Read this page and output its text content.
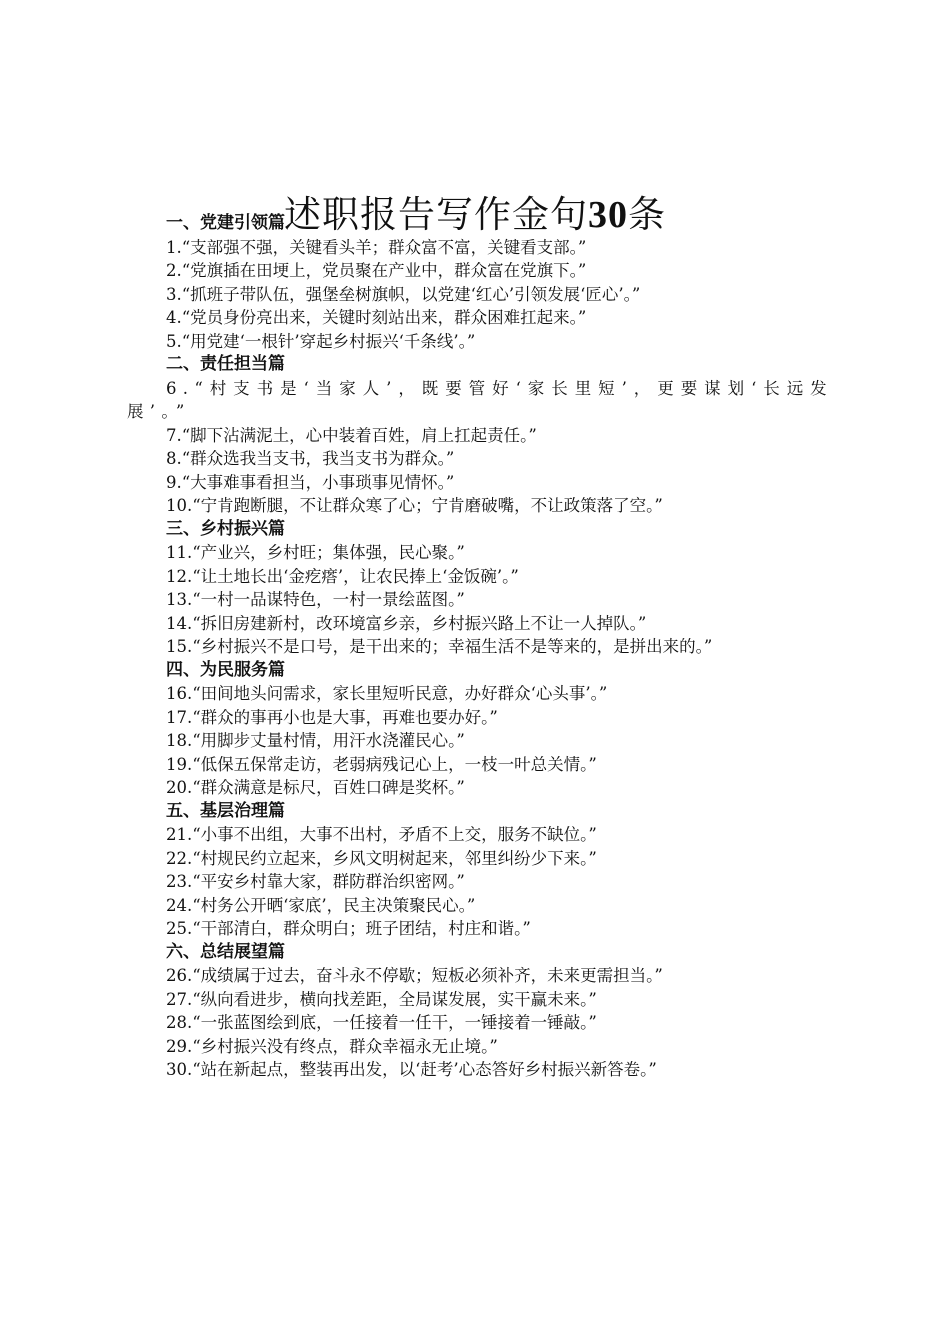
述职报告写作金句30条
一、党建引领篇

1.“支部强不强，关键看头羊；群众富不富，关键看支部。”

2.“党旗插在田埂上，党员聚在产业中，群众富在党旗下。”

3.“抓班子带队伍，强堡垒树旗帜，以党建‘红心’引领发展‘匠心’。”

4.“党员身份亮出来，关键时刻站出来，群众困难扛起来。”

5.“用党建‘一根针’穿起乡村振兴‘千条线’。”

二、责任担当篇

6.“村支书是‘当家人’，既要管好‘家长里短’，更要谋划‘长远发展’。”

7.“脚下沾满泥土，心中装着百姓，肩上扛起责任。”

8.“群众选我当支书，我当支书为群众。”

9.“大事难事看担当，小事琐事见情怀。”

10.“宁肯跑断腿，不让群众寒了心；宁肯磨破嘴，不让政策落了空。”

三、乡村振兴篇

11.“产业兴，乡村旺；集体强，民心聚。”

12.“让土地长出‘金疙瘩’，让农民捧上‘金饭碗’。”

13.“一村一品谋特色，一村一景绘蓝图。”

14.“拆旧房建新村，改环境富乡亲，乡村振兴路上不让一人掉队。”

15.“乡村振兴不是口号，是干出来的；幸福生活不是等来的，是拼出来的。”

四、为民服务篇

16.“田间地头问需求，家长里短听民意，办好群众‘心头事’。”

17.“群众的事再小也是大事，再难也要办好。”

18.“用脚步丈量村情，用汗水浇灌民心。”

19.“低保五保常走访，老弱病残记心上，一枝一叶总关情。”

20.“群众满意是标尺，百姓口碑是奖杯。”

五、基层治理篇

21.“小事不出组，大事不出村，矛盾不上交，服务不缺位。”

22.“村规民约立起来，乡风文明树起来，邻里纠纷少下来。”

23.“平安乡村靠大家，群防群治织密网。”

24.“村务公开晒‘家底’，民主决策聚民心。”

25.“干部清白，群众明白；班子团结，村庄和谐。”

六、总结展望篇

26.“成绩属于过去，奋斗永不停歇；短板必须补齐，未来更需担当。”

27.“纵向看进步，横向找差距，全局谋发展，实干赢未来。”

28.“一张蓝图绘到底，一任接着一任干，一锤接着一锤敲。”

29.“乡村振兴没有终点，群众幸福永无止境。”

30.“站在新起点，整装再出发，以‘赶考’心态答好乡村振兴新答卷。”
